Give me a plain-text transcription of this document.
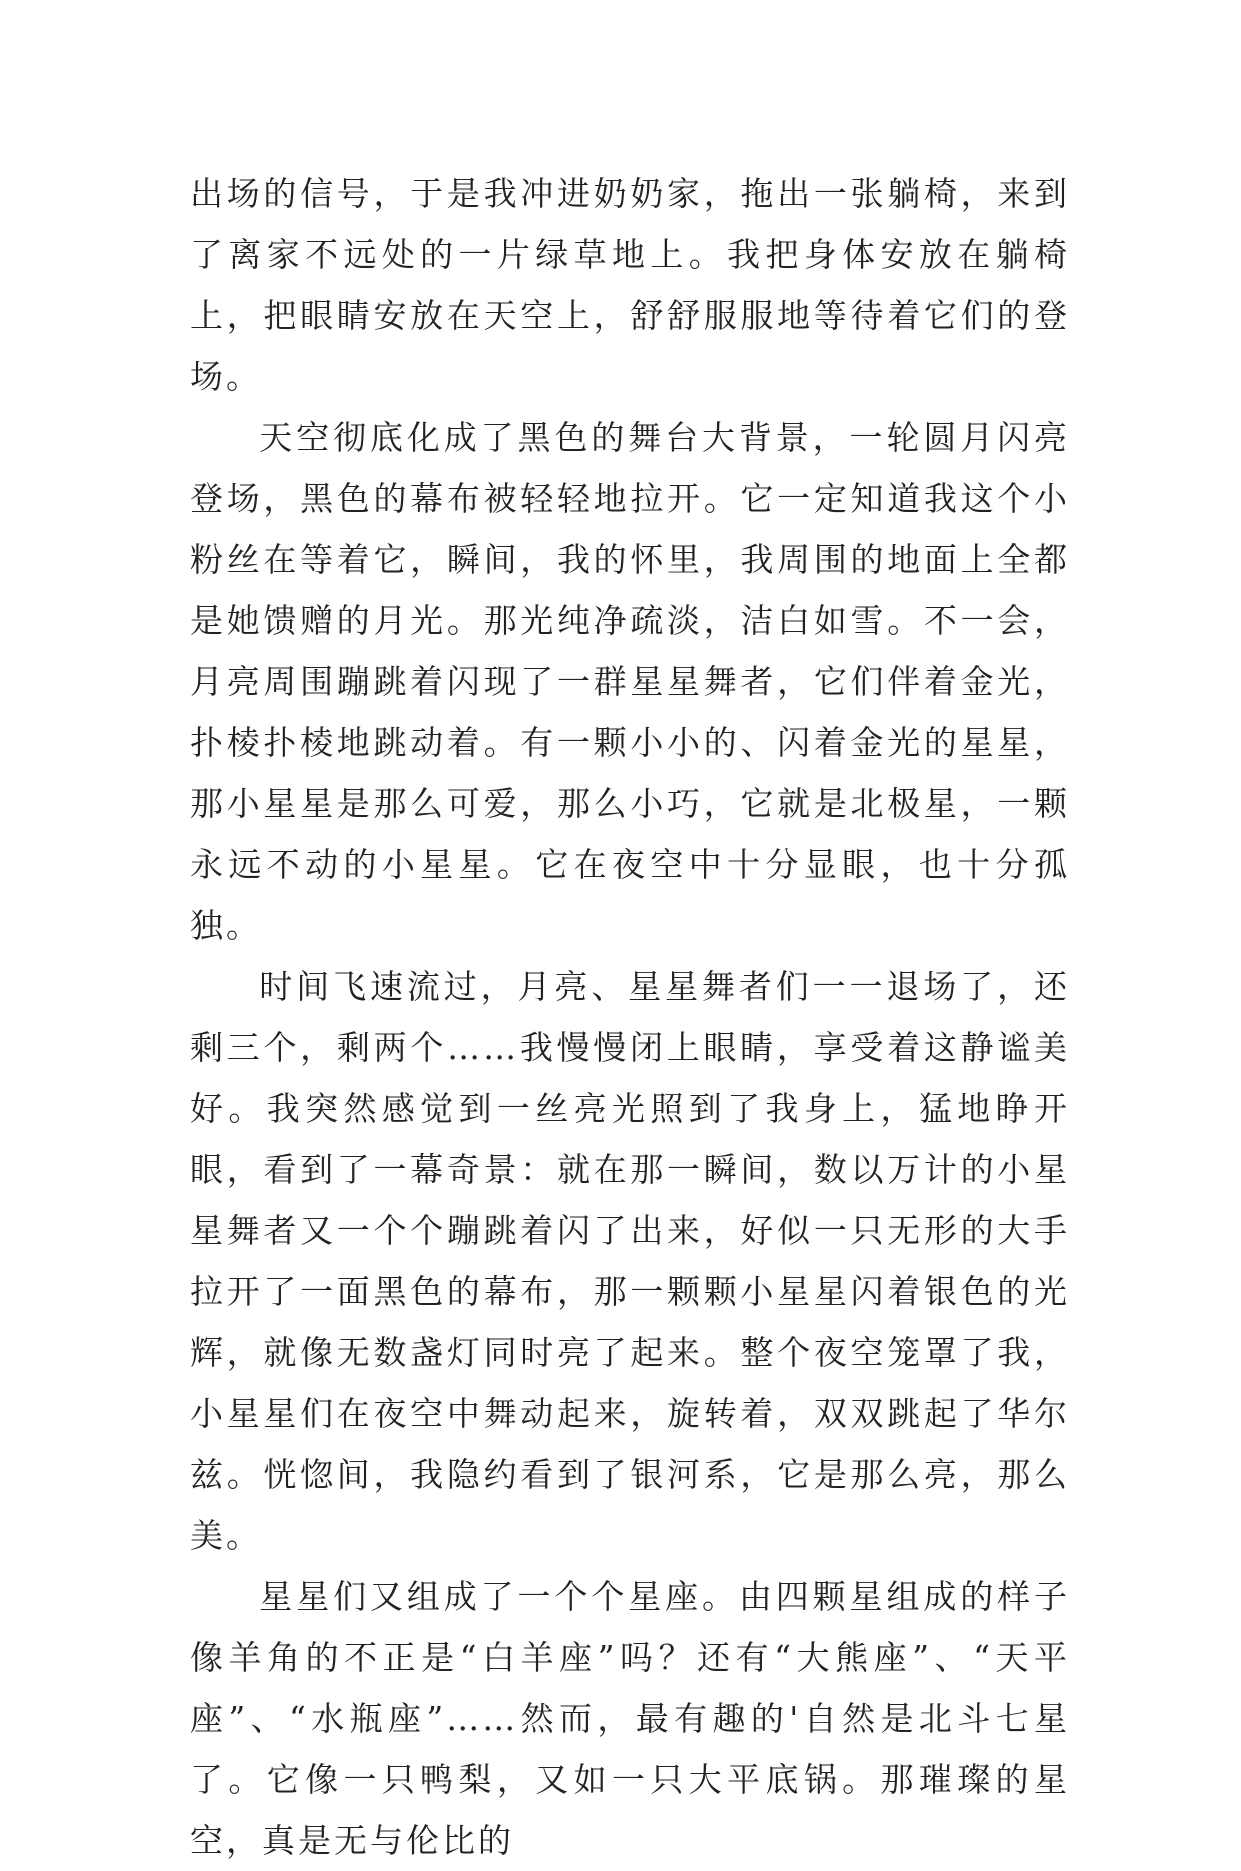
出场的信号，于是我冲进奶奶家，拖出一张躺椅，来到了离家不远处的一片绿草地上。我把身体安放在躺椅上，把眼睛安放在天空上，舒舒服服地等待着它们的登场。

天空彻底化成了黑色的舞台大背景，一轮圆月闪亮登场，黑色的幕布被轻轻地拉开。它一定知道我这个小粉丝在等着它，瞬间，我的怀里，我周围的地面上全都是她馈赠的月光。那光纯净疏淡，洁白如雪。不一会，月亮周围蹦跳着闪现了一群星星舞者，它们伴着金光，扑棱扑棱地跳动着。有一颗小小的、闪着金光的星星，那小星星是那么可爱，那么小巧，它就是北极星，一颗永远不动的小星星。它在夜空中十分显眼，也十分孤独。

时间飞速流过，月亮、星星舞者们一一退场了，还剩三个，剩两个……我慢慢闭上眼睛，享受着这静谧美好。我突然感觉到一丝亮光照到了我身上，猛地睁开眼，看到了一幕奇景：就在那一瞬间，数以万计的小星星舞者又一个个蹦跳着闪了出来，好似一只无形的大手拉开了一面黑色的幕布，那一颗颗小星星闪着银色的光辉，就像无数盏灯同时亮了起来。整个夜空笼罩了我，小星星们在夜空中舞动起来，旋转着，双双跳起了华尔兹。恍惚间，我隐约看到了银河系，它是那么亮，那么美。

星星们又组成了一个个星座。由四颗星组成的样子像羊角的不正是“白羊座”吗？还有“大熊座”、“天平座”、“水瓶座”……然而，最有趣的'自然是北斗七星了。它像一只鸭梨，又如一只大平底锅。那璀璨的星空，真是无与伦比的
